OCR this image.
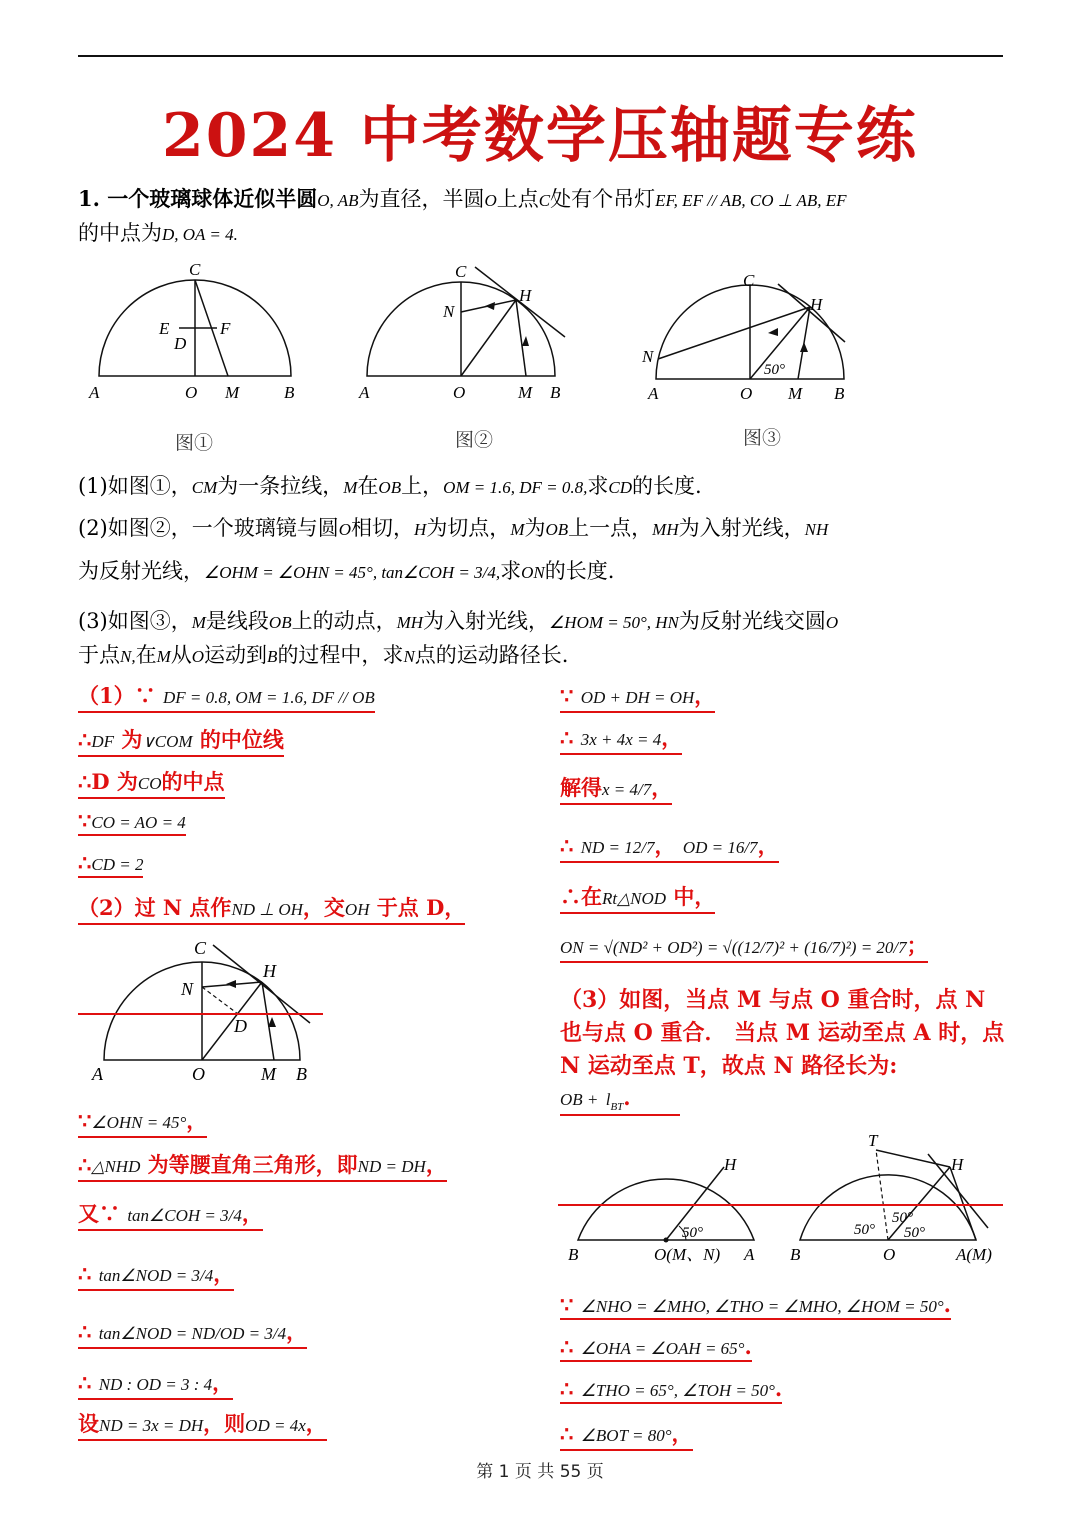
2024 中考数学压轴题专练
1. 一个玻璃球体近似半圆O, AB为直径，半圆O上点C处有个吊灯EF, EF // AB, CO ⊥ AB, EF
的中点为D, OA = 4.
C
E	F
D
A	O M	B
图①
C
H
N
A	O	M B
图②
C
H
N
50°
A	O M B
图③
(1)如图①，CM为一条拉线，M在OB上，OM = 1.6, DF = 0.8,求CD的长度.
(2)如图②，一个玻璃镜与圆O相切，H为切点，M为OB上一点，MH为入射光线，NH
为反射光线，∠OHM = ∠OHN = 45°, tan∠COH = 3/4,求ON的长度.
(3)如图③，M是线段OB上的动点，MH为入射光线，∠HOM = 50°, HN为反射光线交圆O
于点N,在M从O运动到B的过程中，求N点的运动路径长.
（1）∵ DF = 0.8, OM = 1.6, DF // OB
∴DF 为∨COM 的中位线
∴D 为CO的中点
∵CO = AO = 4
∴CD = 2
（2）过 N 点作ND ⊥ OH，交OH 于点 D，
C
H
N
D
A	O	M B
∵∠OHN = 45°，
∴△NHD 为等腰直角三角形，即ND = DH，
又∵ tan∠COH = 3/4，
∴ tan∠NOD = 3/4，
∴ tan∠NOD = ND/OD = 3/4，
∴ ND : OD = 3 : 4，
设ND = 3x = DH，则OD = 4x，
∵ OD + DH = OH，
∴ 3x + 4x = 4，
解得x = 4/7，
∴ ND = 12/7， OD = 16/7，
∴在Rt△NOD 中，
ON = √(ND² + OD²) = √((12/7)² + (16/7)²) = 20/7；
（3）如图，当点 M 与点 O 重合时，点 N 也与点 O 重合． 当点 M 运动至点 A 时，点 N 运动至点 T，故点 N 路径长为:
OB + $l_{BT}$.
H
50°
B	O(M、N) A
T
H
50°
50° 50°
B	O	A(M)
∵ ∠NHO = ∠MHO, ∠THO = ∠MHO, ∠HOM = 50°.
∴ ∠OHA = ∠OAH = 65°.
∴ ∠THO = 65°, ∠TOH = 50°.
∴ ∠BOT = 80°，
第 1 页 共 55 页
